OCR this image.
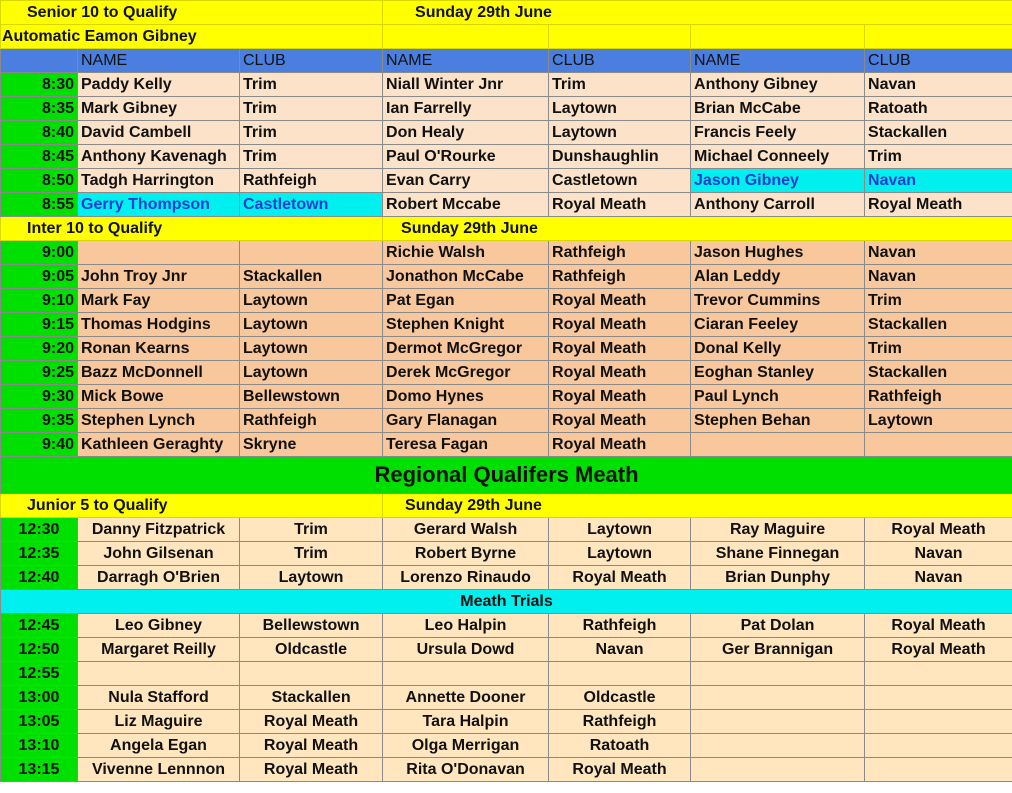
Senior 10 to Qualify			Sunday 29th June			
Automatic Eamon Gibney						
	NAME	CLUB	NAME	CLUB	NAME	CLUB
8:30	Paddy Kelly	Trim	Niall Winter Jnr	Trim	Anthony Gibney	Navan
8:35	Mark Gibney	Trim	Ian Farrelly	Laytown	Brian McCabe	Ratoath
8:40	David Cambell	Trim	Don Healy	Laytown	Francis Feely	Stackallen
8:45	Anthony Kavenagh	Trim	Paul O'Rourke	Dunshaughlin	Michael Conneely	Trim
8:50	Tadgh Harrington	Rathfeigh	Evan Carry	Castletown	Jason Gibney	Navan
8:55	Gerry Thompson	Castletown	Robert Mccabe	Royal Meath	Anthony Carroll	Royal Meath
Inter 10 to Qualify			Sunday 29th June			
9:00			Richie Walsh	Rathfeigh	Jason Hughes	Navan
9:05	John Troy Jnr	Stackallen	Jonathon McCabe	Rathfeigh	Alan Leddy	Navan
9:10	Mark Fay	Laytown	Pat Egan	Royal Meath	Trevor Cummins	Trim
9:15	Thomas Hodgins	Laytown	Stephen Knight	Royal Meath	Ciaran Feeley	Stackallen
9:20	Ronan Kearns	Laytown	Dermot McGregor	Royal Meath	Donal Kelly	Trim
9:25	Bazz McDonnell	Laytown	Derek McGregor	Royal Meath	Eoghan Stanley	Stackallen
9:30	Mick Bowe	Bellewstown	Domo Hynes	Royal Meath	Paul Lynch	Rathfeigh
9:35	Stephen Lynch	Rathfeigh	Gary Flanagan	Royal Meath	Stephen Behan	Laytown
9:40	Kathleen Geraghty	Skryne	Teresa Fagan	Royal Meath		
Regional Qualifers Meath						
Junior 5 to Qualify			Sunday 29th June			
12:30	Danny Fitzpatrick	Trim	Gerard Walsh	Laytown	Ray Maguire	Royal Meath
12:35	John Gilsenan	Trim	Robert Byrne	Laytown	Shane Finnegan	Navan
12:40	Darragh O'Brien	Laytown	Lorenzo Rinaudo	Royal Meath	Brian Dunphy	Navan
Meath Trials						
12:45	Leo Gibney	Bellewstown	Leo Halpin	Rathfeigh	Pat Dolan	Royal Meath
12:50	Margaret Reilly	Oldcastle	Ursula Dowd	Navan	Ger Brannigan	Royal Meath
12:55						
13:00	Nula Stafford	Stackallen	Annette Dooner	Oldcastle		
13:05	Liz Maguire	Royal Meath	Tara Halpin	Rathfeigh		
13:10	Angela Egan	Royal Meath	Olga Merrigan	Ratoath		
13:15	Vivenne Lennnon	Royal Meath	Rita O'Donavan	Royal Meath		
